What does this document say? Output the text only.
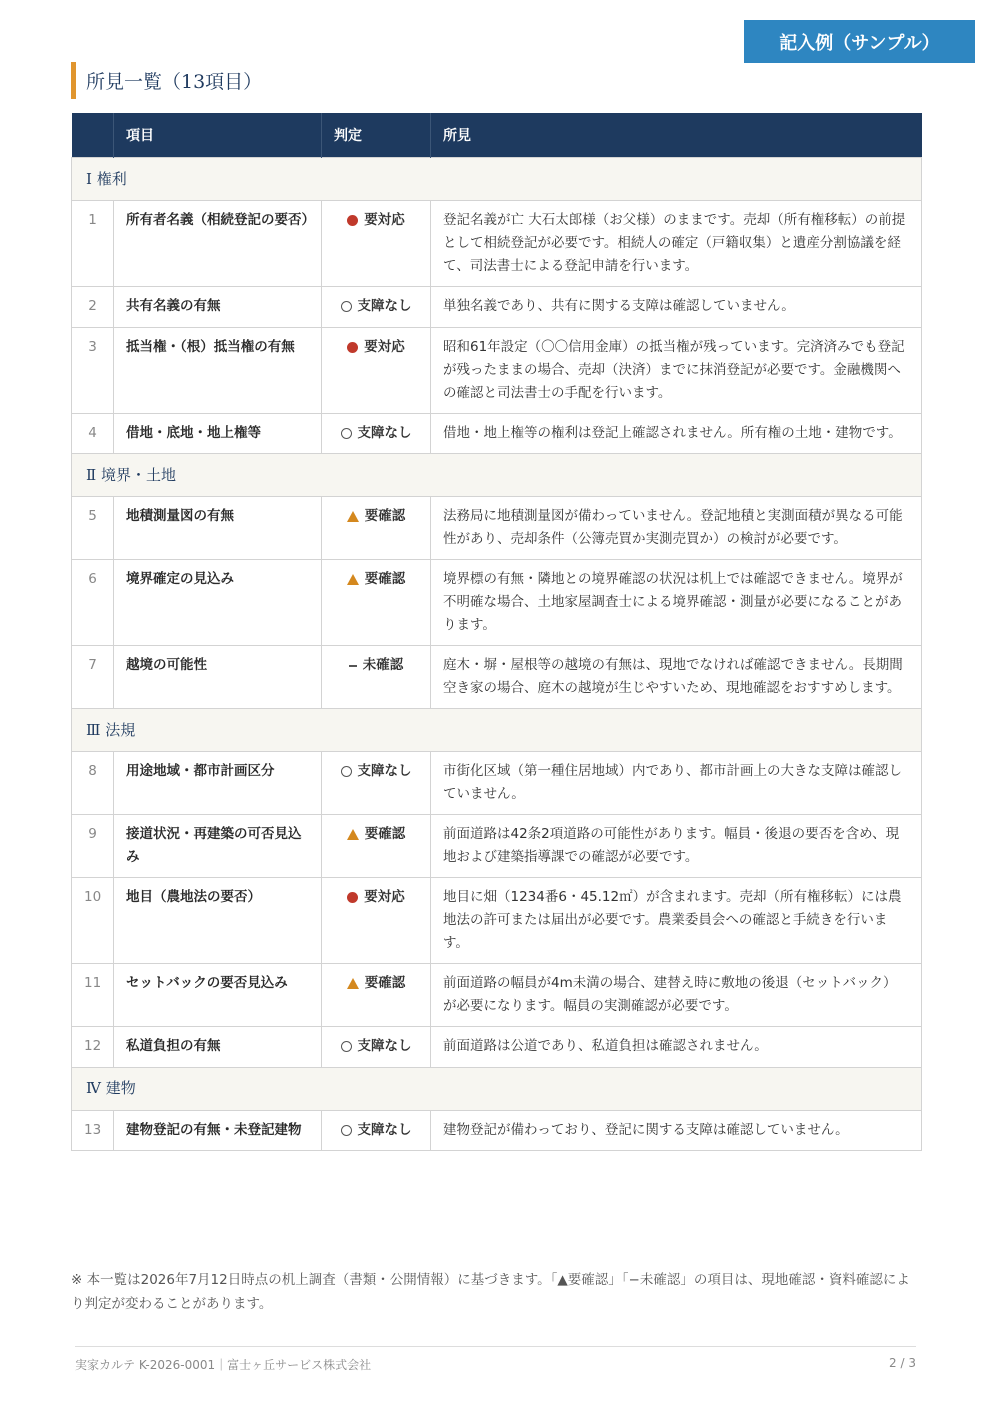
記入例（サンプル）
所見一覧（13項目）
	項目	判定	所見
Ⅰ 権利			
1	所有者名義（相続登記の要否）	要対応	登記名義が亡 大石太郎様（お父様）のままです。売却（所有権移転）の前提として相続登記が必要です。相続人の確定（戸籍収集）と遺産分割協議を経て、司法書士による登記申請を行います。
2	共有名義の有無	支障なし	単独名義であり、共有に関する支障は確認していません。
3	抵当権・（根）抵当権の有無	要対応	昭和61年設定（〇〇信用金庫）の抵当権が残っています。完済済みでも登記が残ったままの場合、売却（決済）までに抹消登記が必要です。金融機関への確認と司法書士の手配を行います。
4	借地・底地・地上権等	支障なし	借地・地上権等の権利は登記上確認されません。所有権の土地・建物です。
Ⅱ 境界・土地			
5	地積測量図の有無	要確認	法務局に地積測量図が備わっていません。登記地積と実測面積が異なる可能性があり、売却条件（公簿売買か実測売買か）の検討が必要です。
6	境界確定の見込み	要確認	境界標の有無・隣地との境界確認の状況は机上では確認できません。境界が不明確な場合、土地家屋調査士による境界確認・測量が必要になることがあります。
7	越境の可能性	未確認	庭木・塀・屋根等の越境の有無は、現地でなければ確認できません。長期間空き家の場合、庭木の越境が生じやすいため、現地確認をおすすめします。
Ⅲ 法規			
8	用途地域・都市計画区分	支障なし	市街化区域（第一種住居地域）内であり、都市計画上の大きな支障は確認していません。
9	接道状況・再建築の可否見込み	要確認	前面道路は42条2項道路の可能性があります。幅員・後退の要否を含め、現地および建築指導課での確認が必要です。
10	地目（農地法の要否）	要対応	地目に畑（1234番6・45.12㎡）が含まれます。売却（所有権移転）には農地法の許可または届出が必要です。農業委員会への確認と手続きを行います。
11	セットバックの要否見込み	要確認	前面道路の幅員が4m未満の場合、建替え時に敷地の後退（セットバック）が必要になります。幅員の実測確認が必要です。
12	私道負担の有無	支障なし	前面道路は公道であり、私道負担は確認されません。
Ⅳ 建物			
13	建物登記の有無・未登記建物	支障なし	建物登記が備わっており、登記に関する支障は確認していません。
※ 本一覧は2026年7月12日時点の机上調査（書類・公開情報）に基づきます。「▲要確認」「−未確認」の項目は、現地確認・資料確認により判定が変わることがあります。
実家カルテ K-2026-0001｜富士ヶ丘サービス株式会社	2 / 3
